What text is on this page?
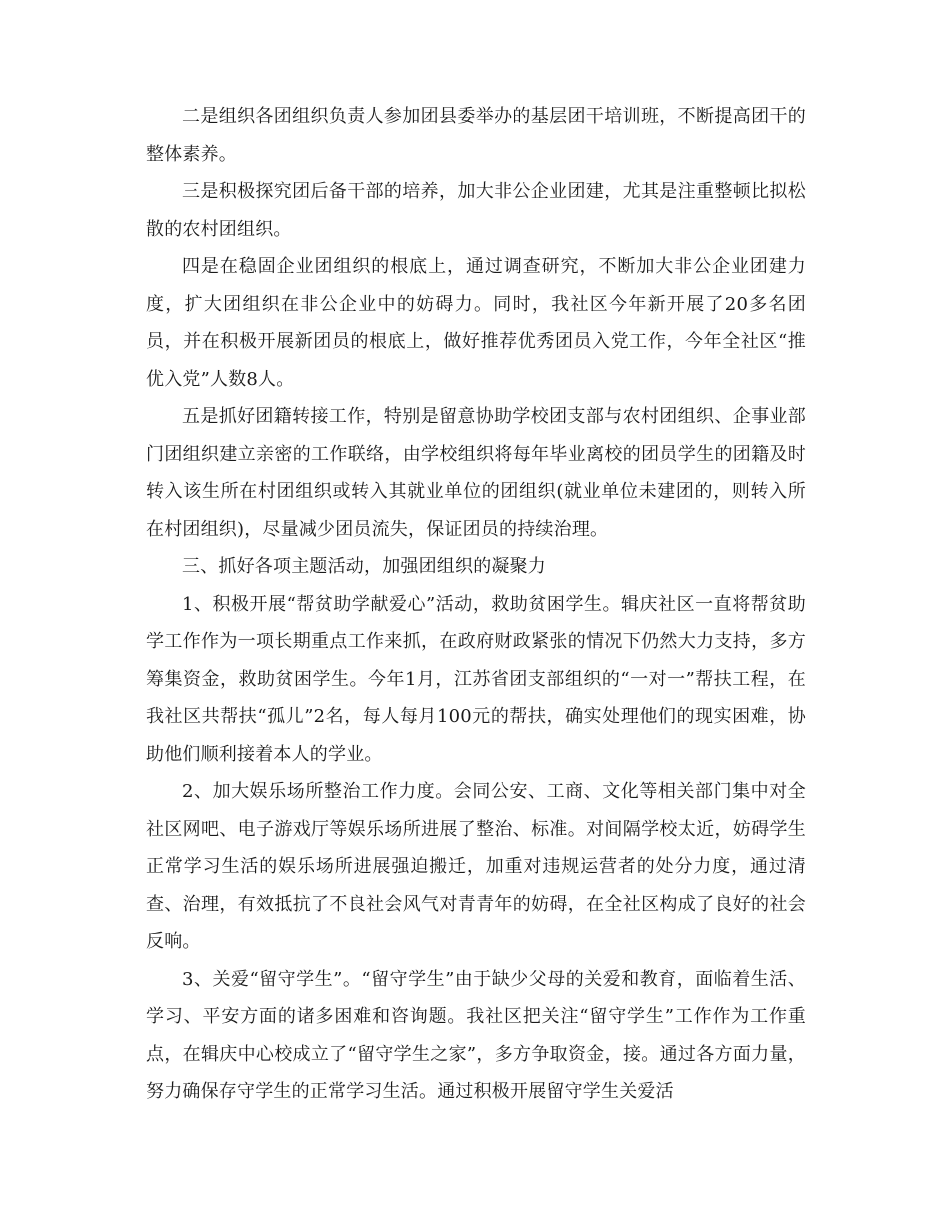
二是组织各团组织负责人参加团县委举办的基层团干培训班，不断提高团干的整体素养。

三是积极探究团后备干部的培养，加大非公企业团建，尤其是注重整顿比拟松散的农村团组织。

四是在稳固企业团组织的根底上，通过调查研究，不断加大非公企业团建力度，扩大团组织在非公企业中的妨碍力。同时，我社区今年新开展了20多名团员，并在积极开展新团员的根底上，做好推荐优秀团员入党工作，今年全社区“推优入党”人数8人。

五是抓好团籍转接工作，特别是留意协助学校团支部与农村团组织、企事业部门团组织建立亲密的工作联络，由学校组织将每年毕业离校的团员学生的团籍及时转入该生所在村团组织或转入其就业单位的团组织(就业单位未建团的，则转入所在村团组织)，尽量减少团员流失，保证团员的持续治理。

三、抓好各项主题活动，加强团组织的凝聚力

1、积极开展“帮贫助学献爱心”活动，救助贫困学生。辑庆社区一直将帮贫助学工作作为一项长期重点工作来抓，在政府财政紧张的情况下仍然大力支持，多方筹集资金，救助贫困学生。今年1月，江苏省团支部组织的“一对一”帮扶工程，在我社区共帮扶“孤儿”2名，每人每月100元的帮扶，确实处理他们的现实困难，协助他们顺利接着本人的学业。

2、加大娱乐场所整治工作力度。会同公安、工商、文化等相关部门集中对全社区网吧、电子游戏厅等娱乐场所进展了整治、标准。对间隔学校太近，妨碍学生正常学习生活的娱乐场所进展强迫搬迁，加重对违规运营者的处分力度，通过清查、治理，有效抵抗了不良社会风气对青青年的妨碍，在全社区构成了良好的社会反响。

3、关爱“留守学生”。“留守学生”由于缺少父母的关爱和教育，面临着生活、学习、平安方面的诸多困难和咨询题。我社区把关注“留守学生”工作作为工作重点，在辑庆中心校成立了“留守学生之家”，多方争取资金，接。通过各方面力量，努力确保存守学生的正常学习生活。通过积极开展留守学生关爱活
